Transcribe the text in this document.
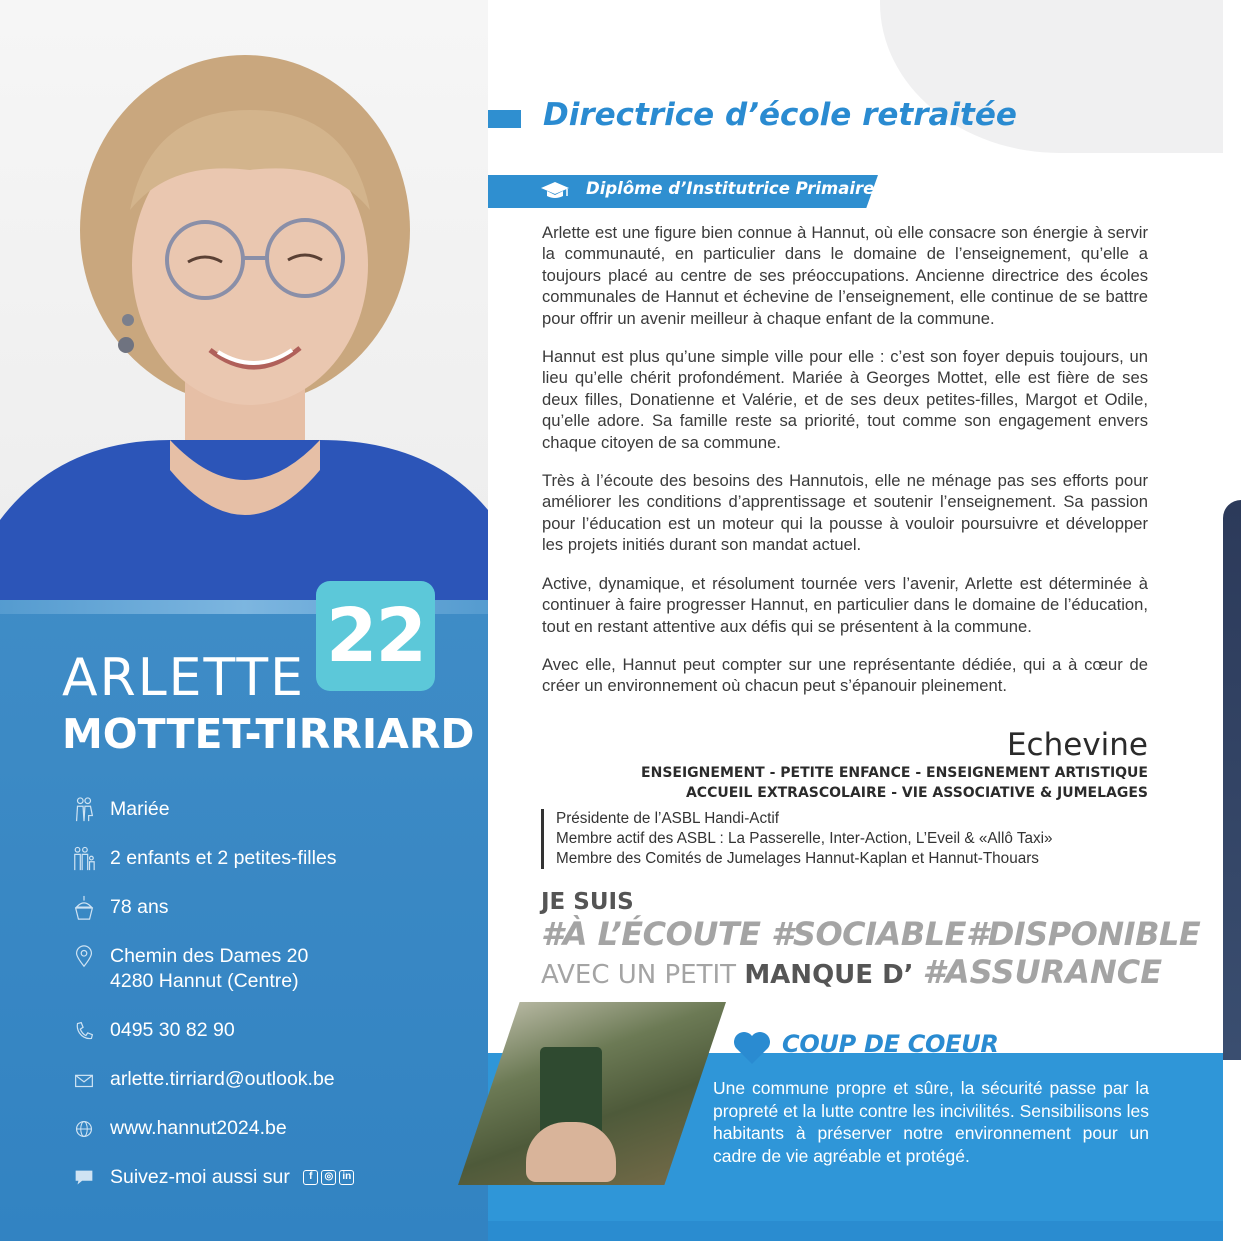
22
ARLETTE
MOTTET-TIRRIARD
Mariée
2 enfants et 2 petites-filles
78 ans
Chemin des Dames 20
4280 Hannut (Centre)
0495 30 82 90
arlette.tirriard@outlook.be
www.hannut2024.be
Suivez-moi aussi sur	f	◎ in
Directrice d’école retraitée
Diplôme d’Institutrice Primaire

Arlette est une figure bien connue à Hannut, où elle consacre son énergie à servir la communauté, en particulier dans le domaine de l’enseignement, qu’elle a toujours placé au centre de ses préoccupations. Ancienne directrice des écoles communales de Hannut et échevine de l’enseignement, elle continue de se battre pour offrir un avenir meilleur à chaque enfant de la commune.

Hannut est plus qu’une simple ville pour elle : c’est son foyer depuis toujours, un lieu qu’elle chérit profondément. Mariée à Georges Mottet, elle est fière de ses deux filles, Donatienne et Valérie, et de ses deux petites-filles, Margot et Odile, qu’elle adore. Sa famille reste sa priorité, tout comme son engagement envers chaque citoyen de sa commune.

Très à l’écoute des besoins des Hannutois, elle ne ménage pas ses efforts pour améliorer les conditions d’apprentissage et soutenir l’enseignement. Sa passion pour l’éducation est un moteur qui la pousse à vouloir poursuivre et développer les projets initiés durant son mandat actuel.

Active, dynamique, et résolument tournée vers l’avenir, Arlette est déterminée à continuer à faire progresser Hannut, en particulier dans le domaine de l’éducation, tout en restant attentive aux défis qui se présentent à la commune.

Avec elle, Hannut peut compter sur une représentante dédiée, qui a à cœur de créer un environnement où chacun peut s’épanouir pleinement.

Echevine
ENSEIGNEMENT - PETITE ENFANCE - ENSEIGNEMENT ARTISTIQUE
ACCUEIL EXTRASCOLAIRE - VIE ASSOCIATIVE & JUMELAGES
Présidente de l’ASBL Handi-Actif
Membre actif des ASBL : La Passerelle, Inter-Action, L’Eveil & «Allô Taxi»
Membre des Comités de Jumelages Hannut-Kaplan et Hannut-Thouars
JE SUIS
#À L’ÉCOUTE #SOCIABLE#DISPONIBLE
AVEC UN PETIT MANQUE D’ #ASSURANCE
COUP DE COEUR
Une commune propre et sûre, la sécurité passe par la propreté et la lutte contre les incivilités. Sensibilisons les habitants à préserver notre environnement pour un cadre de vie agréable et protégé.
